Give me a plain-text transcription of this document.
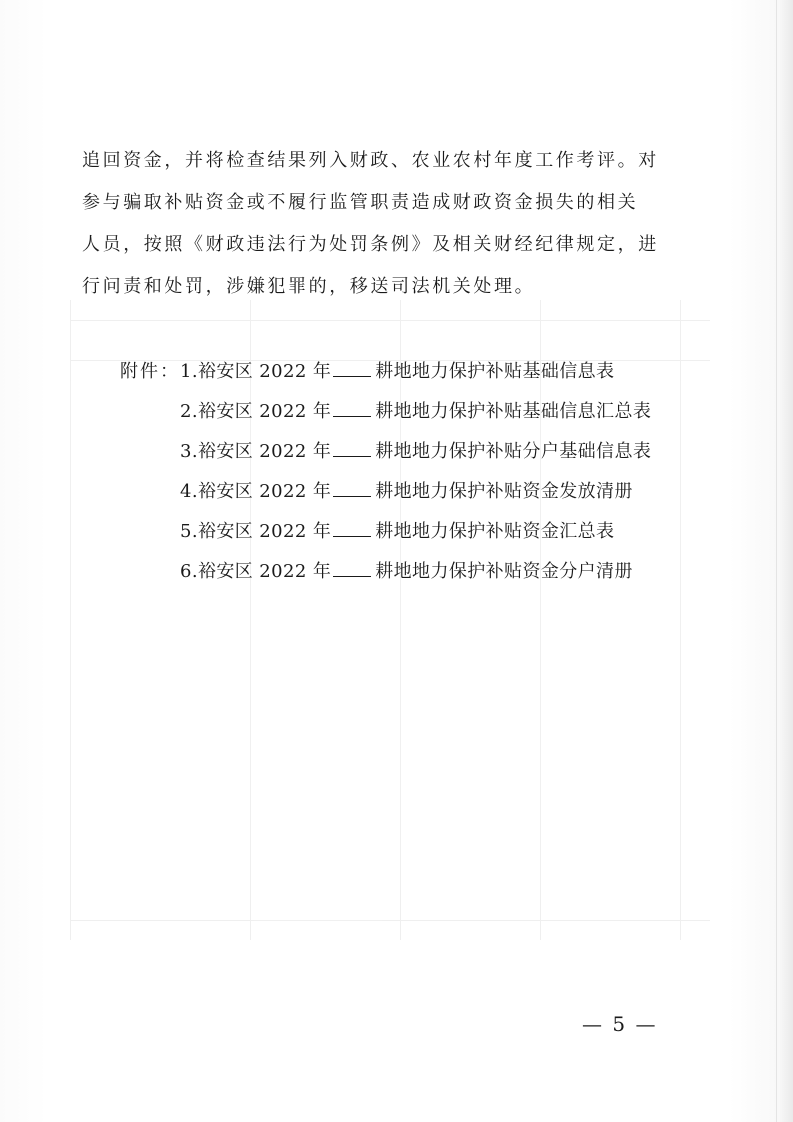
追回资金，并将检查结果列入财政、农业农村年度工作考评。对
参与骗取补贴资金或不履行监管职责造成财政资金损失的相关
人员，按照《财政违法行为处罚条例》及相关财经纪律规定，进
行问责和处罚，涉嫌犯罪的，移送司法机关处理。
附件：1.裕安区 2022 年 耕地地力保护补贴基础信息表
2.裕安区 2022 年 耕地地力保护补贴基础信息汇总表
3.裕安区 2022 年 耕地地力保护补贴分户基础信息表
4.裕安区 2022 年 耕地地力保护补贴资金发放清册
5.裕安区 2022 年 耕地地力保护补贴资金汇总表
6.裕安区 2022 年 耕地地力保护补贴资金分户清册
— 5 —
